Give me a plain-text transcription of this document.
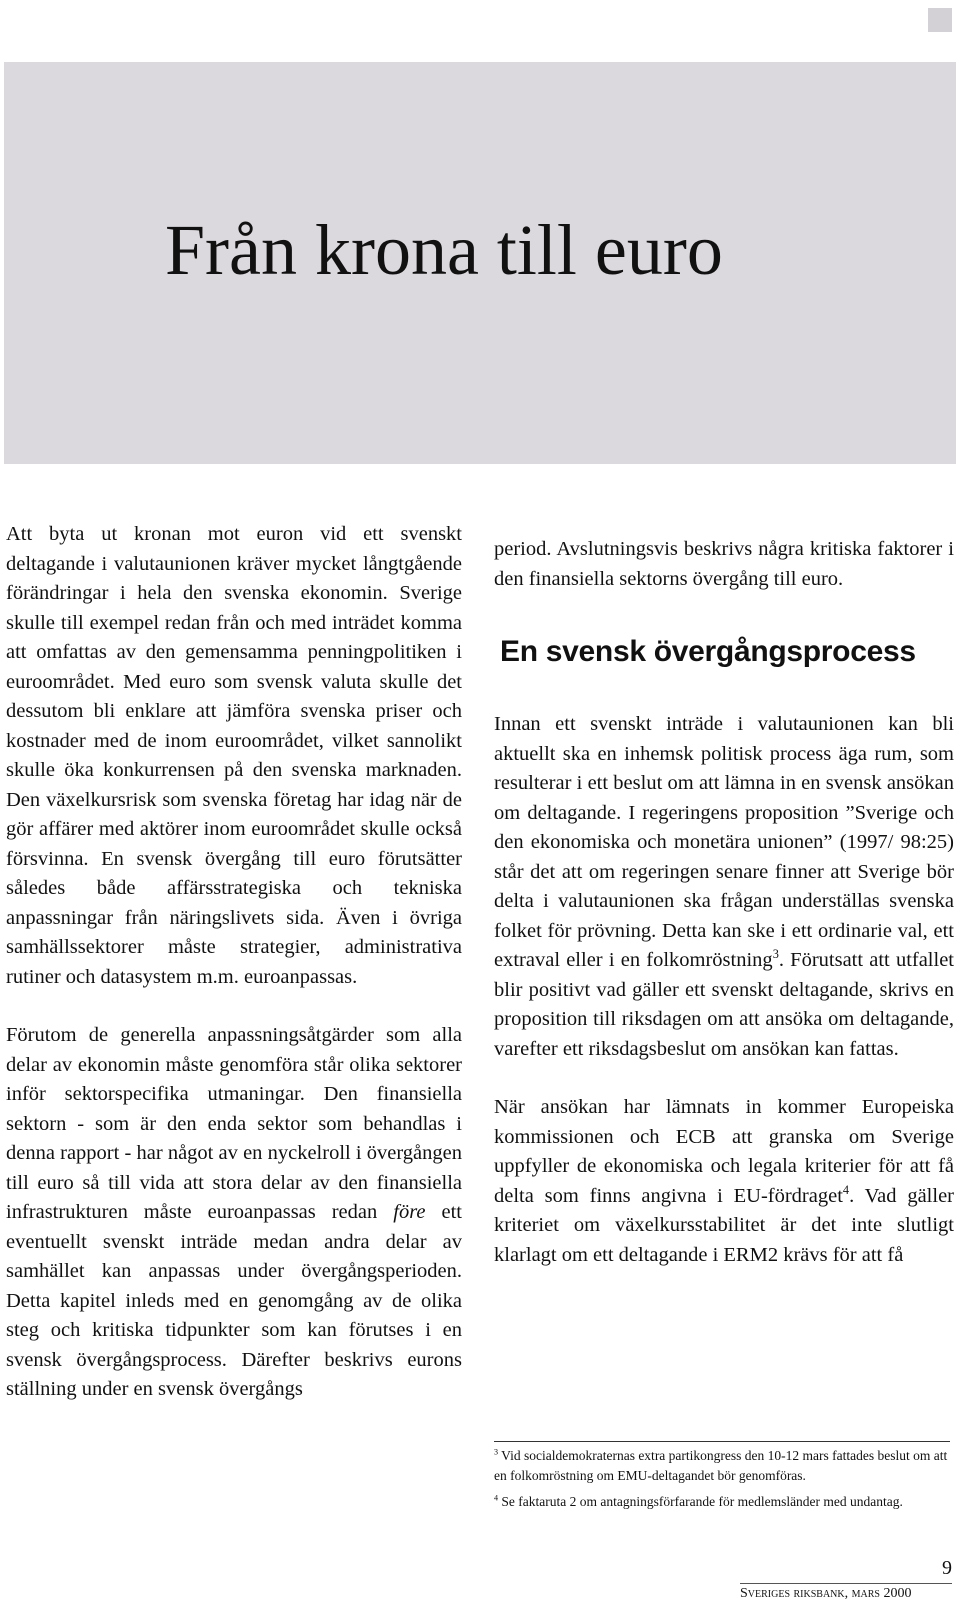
Från krona till euro

Att byta ut kronan mot euron vid ett svenskt deltagande i valutaunionen kräver mycket långtgående förändringar i hela den svenska ekonomin. Sverige skulle till exempel redan från och med inträdet komma att omfattas av den gemensamma penningpolitiken i euroområdet. Med euro som svensk valuta skulle det dessutom bli enklare att jämföra svenska priser och kostnader med de inom euroområdet, vilket sannolikt skulle öka konkurrensen på den svenska marknaden. Den växelkursrisk som svenska företag har idag när de gör affärer med aktörer inom euroområdet skulle också försvinna. En svensk övergång till euro förutsätter således både affärsstrategiska och tekniska anpassningar från näringslivets sida. Även i övriga samhällssektorer måste strategier, administrativa rutiner och datasystem m.m. euroanpassas.

Förutom de generella anpassningsåtgärder som alla delar av ekonomin måste genomföra står olika sektorer inför sektorspecifika utmaningar. Den finansiella sektorn - som är den enda sektor som behandlas i denna rapport - har något av en nyckelroll i övergången till euro så till vida att stora delar av den finansiella infrastrukturen måste euroanpassas redan före ett eventuellt svenskt inträde medan andra delar av samhället kan anpassas under övergångsperioden. Detta kapitel inleds med en genomgång av de olika steg och kritiska tidpunkter som kan förutses i en svensk övergångsprocess. Därefter beskrivs eurons ställning under en svensk övergångs

period. Avslutningsvis beskrivs några kritiska faktorer i den finansiella sektorns övergång till euro.

En svensk övergångsprocess

Innan ett svenskt inträde i valutaunionen kan bli aktuellt ska en inhemsk politisk process äga rum, som resulterar i ett beslut om att lämna in en svensk ansökan om deltagande. I regeringens proposition ”Sverige och den ekonomiska och monetära unionen” (1997/ 98:25) står det att om regeringen senare finner att Sverige bör delta i valutaunionen ska frågan underställas svenska folket för prövning. Detta kan ske i ett ordinarie val, ett extraval eller i en folkomröstning$^3$. Förutsatt att utfallet blir positivt vad gäller ett svenskt deltagande, skrivs en proposition till riksdagen om att ansöka om deltagande, varefter ett riksdagsbeslut om ansökan kan fattas.

När ansökan har lämnats in kommer Europeiska kommissionen och ECB att granska om Sverige uppfyller de ekonomiska och legala kriterier för att få delta som finns angivna i EU-fördraget$^4$. Vad gäller kriteriet om växelkursstabilitet är det inte slutligt klarlagt om ett deltagande i ERM2 krävs för att få

$^3$ Vid socialdemokraternas extra partikongress den 10-12 mars fattades beslut om att en folkomröstning om EMU-deltagandet bör genomföras.

$^4$ Se faktaruta 2 om antagningsförfarande för medlemsländer med undantag.

9
Sveriges riksbank, mars 2000
